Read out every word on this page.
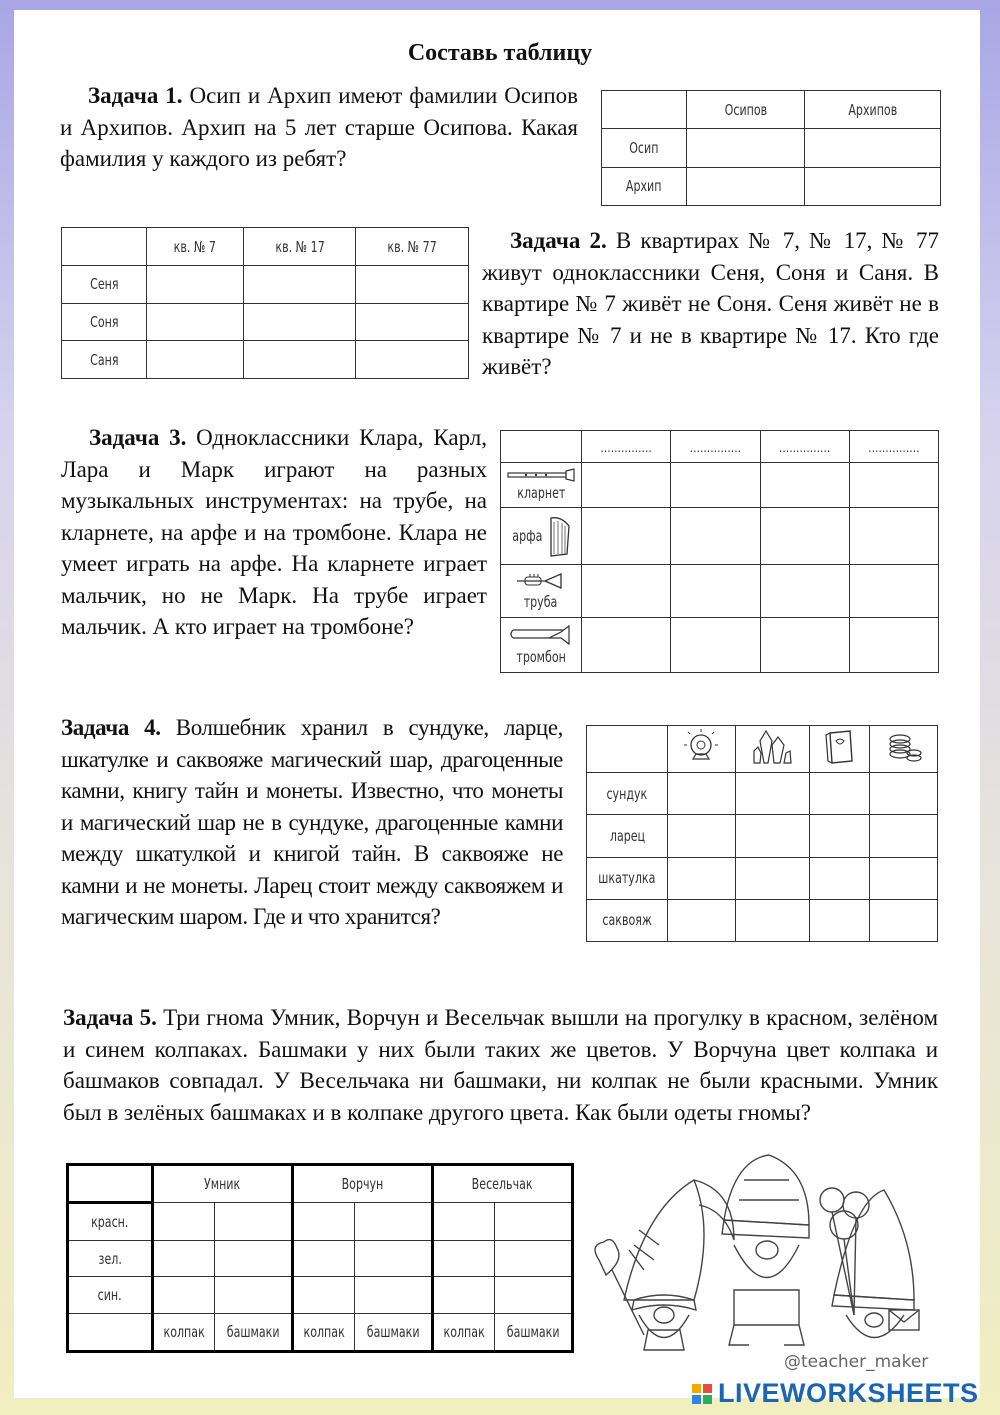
Составь таблицу
Задача 1. Осип и Архип имеют фамилии Осипов и Архипов. Архип на 5 лет старше Осипова. Какая фамилия у каждого из ребят?
	Осипов	Архипов
Осип		
Архип		
	кв. № 7	кв. № 17	кв. № 77
Сеня			
Соня			
Саня			
Задача 2. В квартирах № 7, № 17, № 77 живут одноклассники Сеня, Соня и Саня. В квартире № 7 живёт не Соня. Сеня живёт не в квартире № 7 и не в квартире № 17. Кто где живёт?
Задача 3. Одноклассники Клара, Карл, Лара и Марк играют на разных музыкальных инструментах: на трубе, на кларнете, на арфе и на тромбоне. Клара не умеет играть на арфе. На кларнете играет мальчик, но не Марк. На трубе играет мальчик. А кто играет на тромбоне?
	...............	...............	...............	...............

кларнет				

арфа				

труба				

тромбон				

Задача 4. Волшебник хранил в сундуке, ларце, шкатулке и саквояже магический шар, драгоценные камни, книгу тайн и монеты. Известно, что монеты и магический шар не в сундуке, драгоценные камни между шкатулкой и книгой тайн. В саквояже не камни и не монеты. Ларец стоит между саквояжем и магическим шаром. Где и что хранится?

сундук				
ларец				
шкатулка				
саквояж				
Задача 5. Три гнома Умник, Ворчун и Весельчак вышли на прогулку в красном, зелёном и синем колпаках. Башмаки у них были таких же цветов. У Ворчуна цвет колпака и башмаков совпадал. У Весельчака ни башмаки, ни колпак не были красными. Умник был в зелёных башмаках и в колпаке другого цвета. Как были одеты гномы?
	Умник		Ворчун		Весельчак	
красн.						
зел.						
син.						
	колпак	башмаки	колпак	башмаки	колпак	башмаки
@teacher_maker
LIVEWORKSHEETS
